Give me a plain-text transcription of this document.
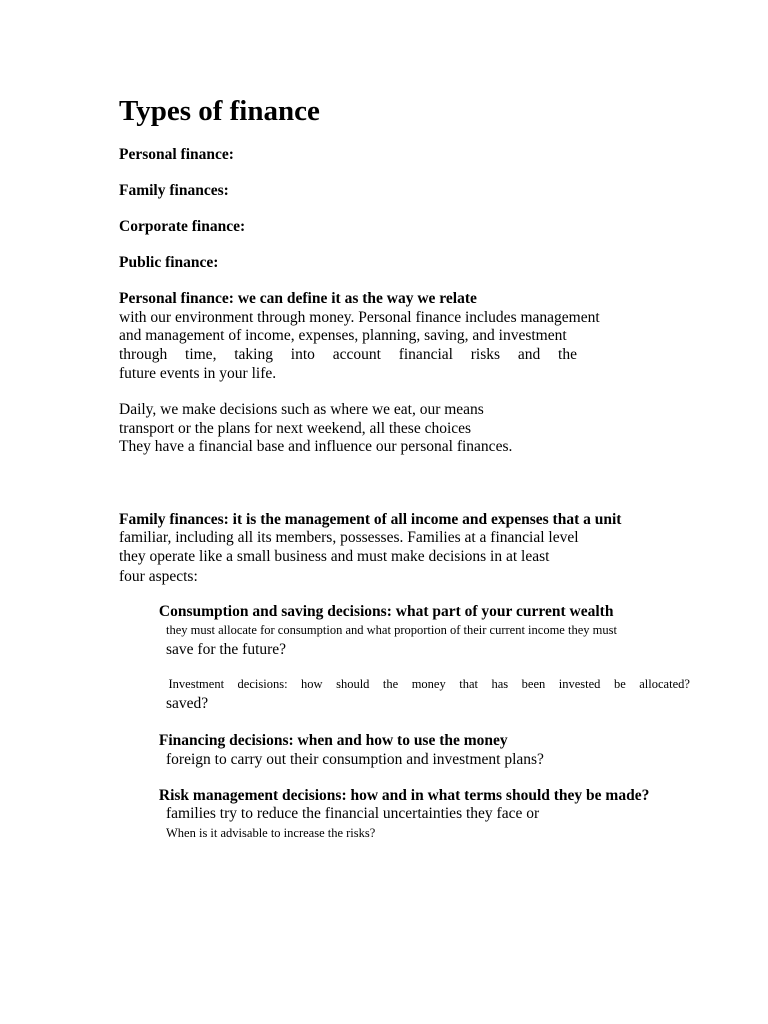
Types of finance
Personal finance:
Family finances:
Corporate finance:
Public finance:
Personal finance: we can define it as the way we relate
with our environment through money. Personal finance includes management
and management of income, expenses, planning, saving, and investment
through time, taking into account financial risks and the
future events in your life.
Daily, we make decisions such as where we eat, our means
transport or the plans for next weekend, all these choices
They have a financial base and influence our personal finances.
Family finances: it is the management of all income and expenses that a unit
familiar, including all its members, possesses. Families at a financial level
they operate like a small business and must make decisions in at least
four aspects:
Consumption and saving decisions: what part of your current wealth
they must allocate for consumption and what proportion of their current income they must
save for the future?
Investment decisions: how should the money that has been invested be allocated?
saved?
Financing decisions: when and how to use the money
foreign to carry out their consumption and investment plans?
Risk management decisions: how and in what terms should they be made?
families try to reduce the financial uncertainties they face or
When is it advisable to increase the risks?
